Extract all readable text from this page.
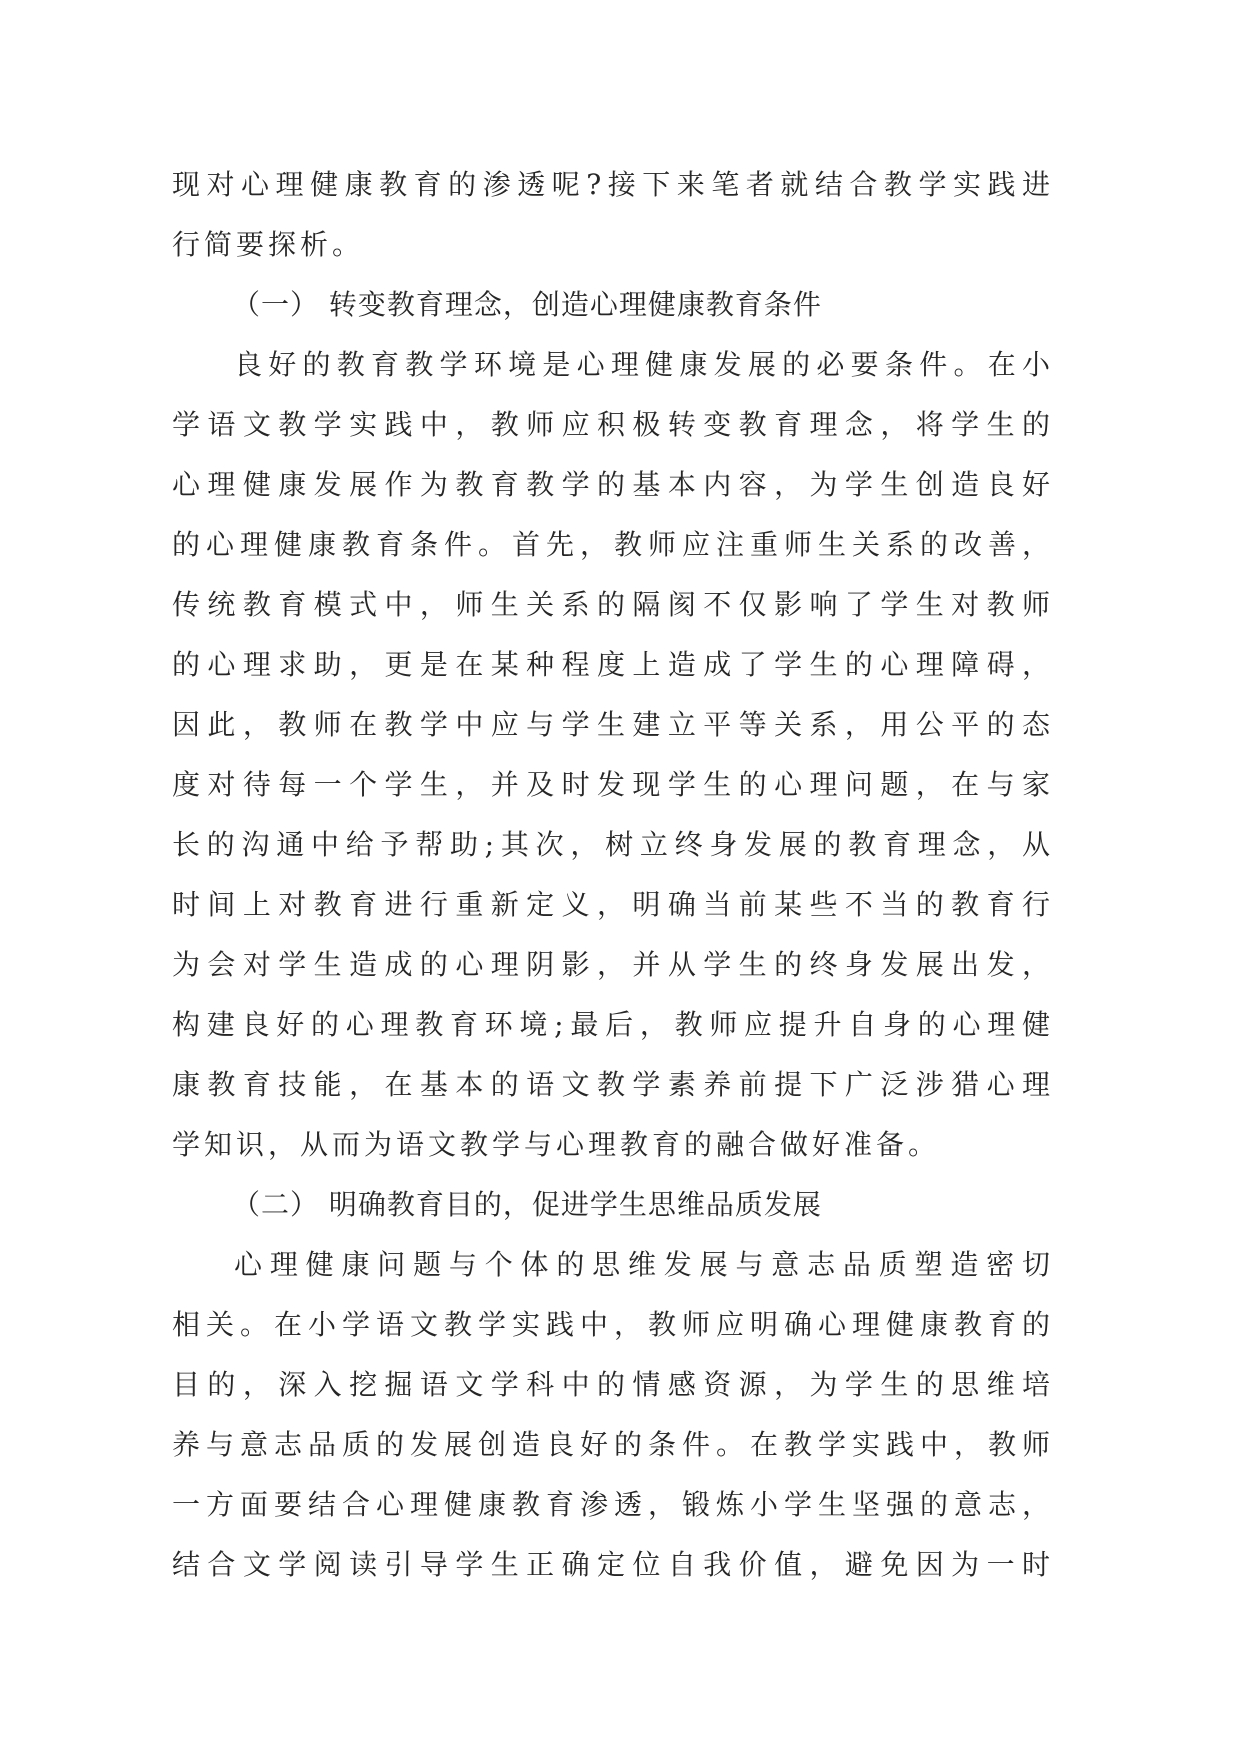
现对心理健康教育的渗透呢?接下来笔者就结合教学实践进
行简要探析。
（一） 转变教育理念，创造心理健康教育条件
良好的教育教学环境是心理健康发展的必要条件。在小
学语文教学实践中，教师应积极转变教育理念，将学生的
心理健康发展作为教育教学的基本内容，为学生创造良好
的心理健康教育条件。首先，教师应注重师生关系的改善，
传统教育模式中，师生关系的隔阂不仅影响了学生对教师
的心理求助，更是在某种程度上造成了学生的心理障碍，
因此，教师在教学中应与学生建立平等关系，用公平的态
度对待每一个学生，并及时发现学生的心理问题，在与家
长的沟通中给予帮助;其次，树立终身发展的教育理念，从
时间上对教育进行重新定义，明确当前某些不当的教育行
为会对学生造成的心理阴影，并从学生的终身发展出发，
构建良好的心理教育环境;最后，教师应提升自身的心理健
康教育技能，在基本的语文教学素养前提下广泛涉猎心理
学知识，从而为语文教学与心理教育的融合做好准备。
（二） 明确教育目的，促进学生思维品质发展
心理健康问题与个体的思维发展与意志品质塑造密切
相关。在小学语文教学实践中，教师应明确心理健康教育的
目的，深入挖掘语文学科中的情感资源，为学生的思维培
养与意志品质的发展创造良好的条件。在教学实践中，教师
一方面要结合心理健康教育渗透，锻炼小学生坚强的意志，
结合文学阅读引导学生正确定位自我价值，避免因为一时
